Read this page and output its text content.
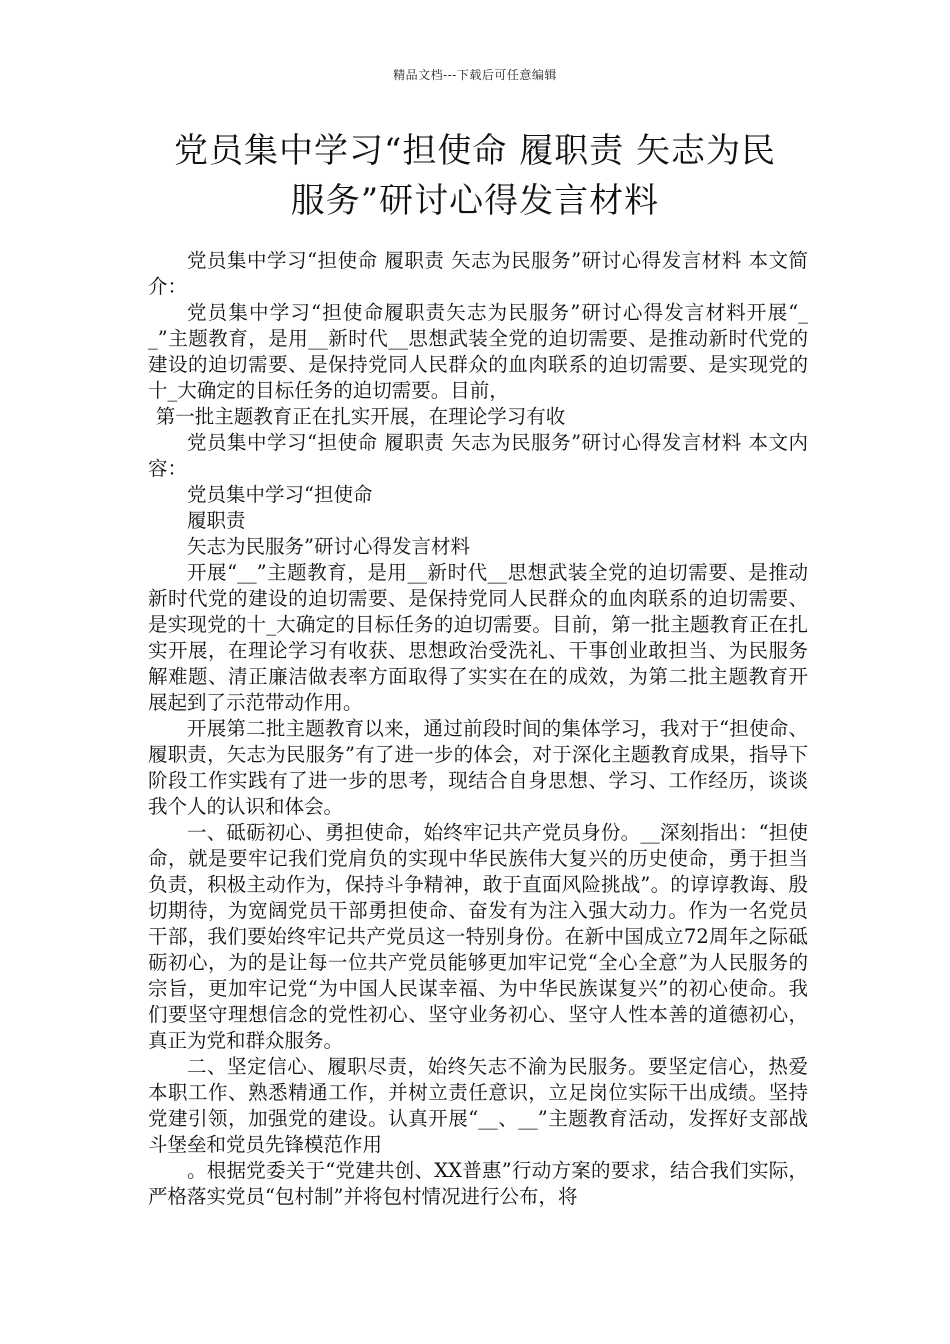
精品文档---下载后可任意编辑
党员集中学习“担使命 履职责 矢志为民
服务”研讨心得发言材料

党员集中学习“担使命 履职责 矢志为民服务”研讨心得发言材料 本文简介：

党员集中学习“担使命履职责矢志为民服务”研讨心得发言材料开展“__”主题教育，是用__新时代__思想武装全党的迫切需要、是推动新时代党的建设的迫切需要、是保持党同人民群众的血肉联系的迫切需要、是实现党的十_大确定的目标任务的迫切需要。目前，

第一批主题教育正在扎实开展，在理论学习有收

党员集中学习“担使命 履职责 矢志为民服务”研讨心得发言材料 本文内容：

党员集中学习“担使命

履职责

矢志为民服务”研讨心得发言材料

开展“__”主题教育，是用__新时代__思想武装全党的迫切需要、是推动新时代党的建设的迫切需要、是保持党同人民群众的血肉联系的迫切需要、是实现党的十_大确定的目标任务的迫切需要。目前，第一批主题教育正在扎实开展，在理论学习有收获、思想政治受洗礼、干事创业敢担当、为民服务解难题、清正廉洁做表率方面取得了实实在在的成效，为第二批主题教育开展起到了示范带动作用。

开展第二批主题教育以来，通过前段时间的集体学习，我对于“担使命、履职责，矢志为民服务”有了进一步的体会，对于深化主题教育成果，指导下阶段工作实践有了进一步的思考，现结合自身思想、学习、工作经历，谈谈我个人的认识和体会。

一、砥砺初心、勇担使命，始终牢记共产党员身份。__深刻指出：“担使命，就是要牢记我们党肩负的实现中华民族伟大复兴的历史使命，勇于担当负责，积极主动作为，保持斗争精神，敢于直面风险挑战”。的谆谆教诲、殷切期待，为宽阔党员干部勇担使命、奋发有为注入强大动力。作为一名党员干部，我们要始终牢记共产党员这一特别身份。在新中国成立72周年之际砥砺初心，为的是让每一位共产党员能够更加牢记党“全心全意”为人民服务的宗旨，更加牢记党“为中国人民谋幸福、为中华民族谋复兴”的初心使命。我们要坚守理想信念的党性初心、坚守业务初心、坚守人性本善的道德初心，真正为党和群众服务。

二、坚定信心、履职尽责，始终矢志不渝为民服务。要坚定信心，热爱本职工作、熟悉精通工作，并树立责任意识，立足岗位实际干出成绩。坚持党建引领，加强党的建设。认真开展“__、__”主题教育活动，发挥好支部战斗堡垒和党员先锋模范作用

。根据党委关于“党建共创、XX普惠”行动方案的要求，结合我们实际，严格落实党员“包村制”并将包村情况进行公布，将
